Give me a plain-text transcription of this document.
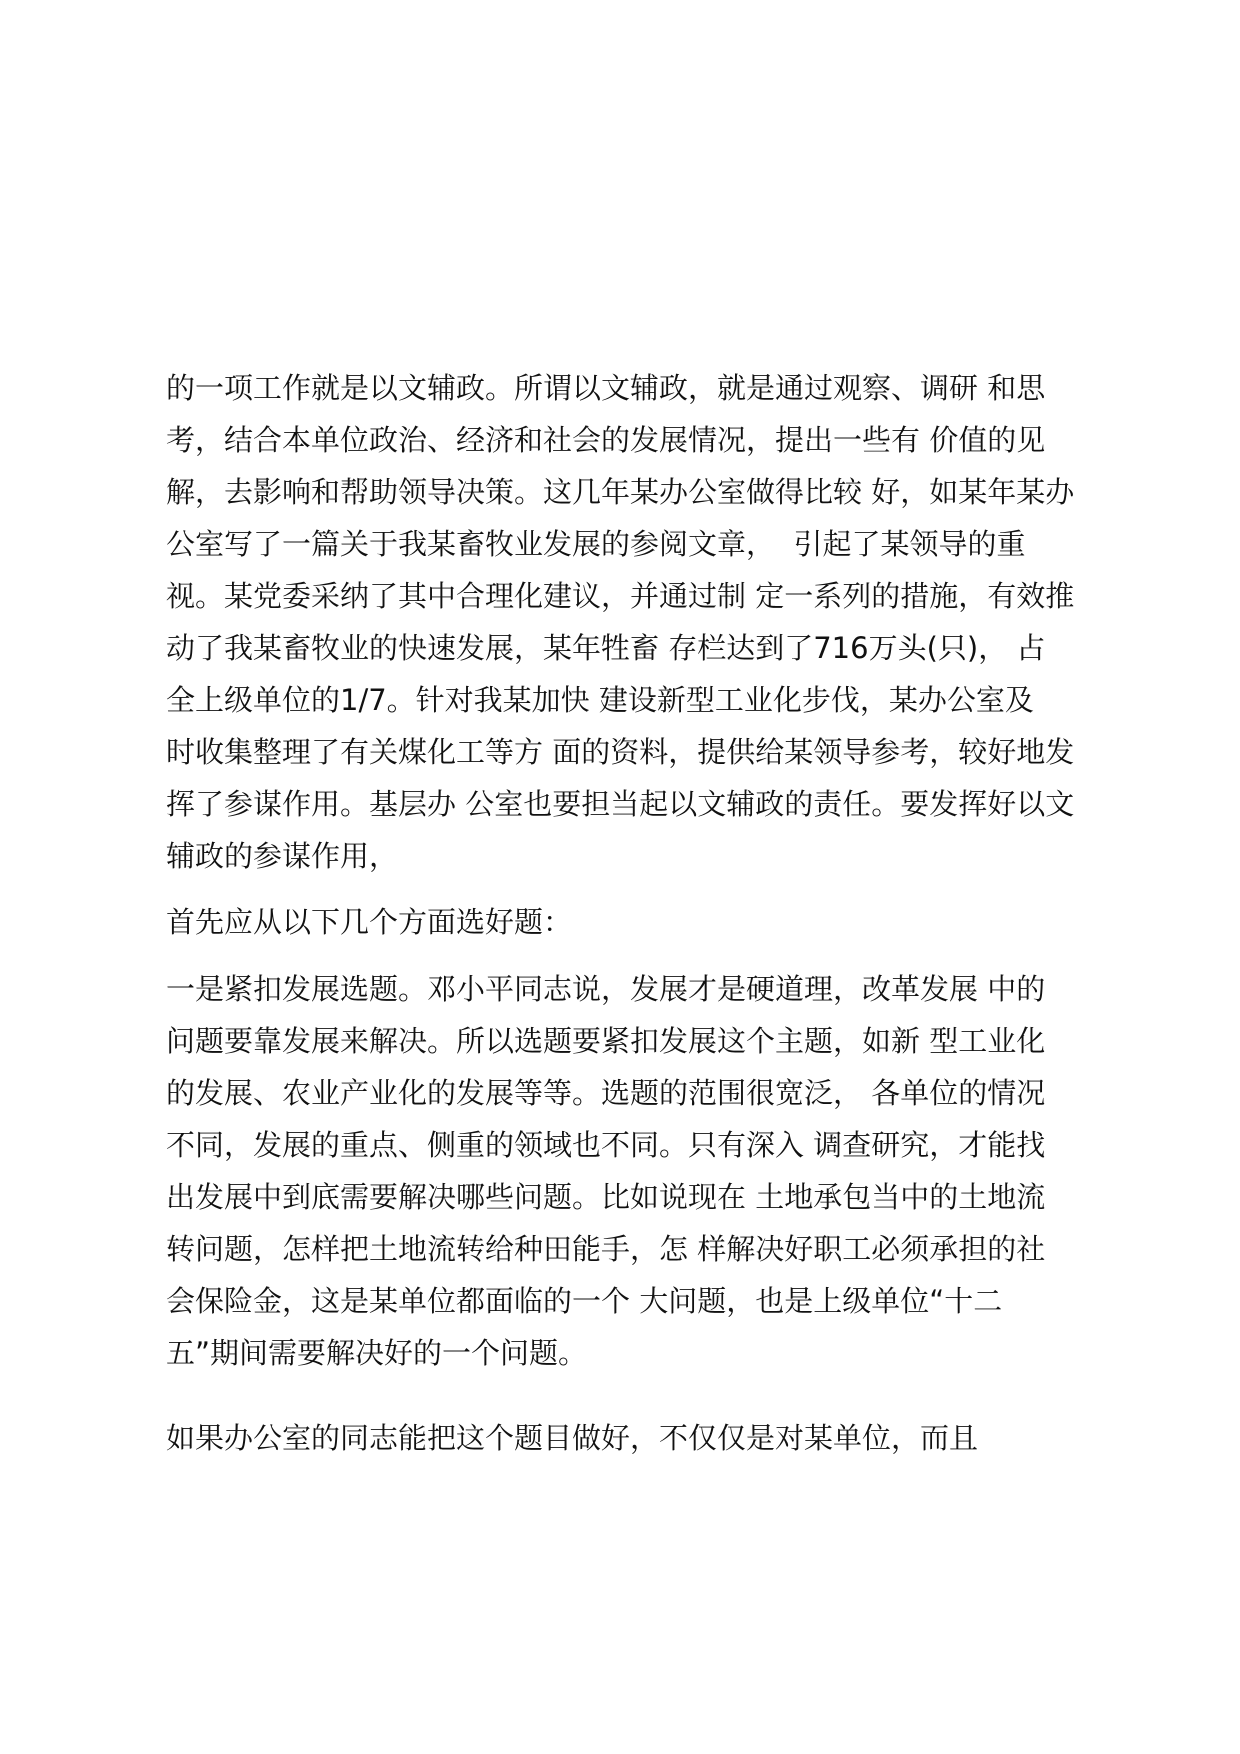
的一项工作就是以文辅政。所谓以文辅政，就是通过观察、调研 和思
考，结合本单位政治、经济和社会的发展情况，提出一些有 价值的见
解，去影响和帮助领导决策。这几年某办公室做得比较 好，如某年某办
公室写了一篇关于我某畜牧业发展的参阅文章，  引起了某领导的重
视。某党委采纳了其中合理化建议，并通过制 定一系列的措施，有效推
动了我某畜牧业的快速发展，某年牲畜 存栏达到了716万头(只)， 占
全上级单位的1/7。针对我某加快 建设新型工业化步伐，某办公室及
时收集整理了有关煤化工等方 面的资料，提供给某领导参考，较好地发
挥了参谋作用。基层办 公室也要担当起以文辅政的责任。要发挥好以文
辅政的参谋作用，
首先应从以下几个方面选好题：
一是紧扣发展选题。邓小平同志说，发展才是硬道理，改革发展 中的
问题要靠发展来解决。所以选题要紧扣发展这个主题，如新 型工业化
的发展、农业产业化的发展等等。选题的范围很宽泛， 各单位的情况
不同，发展的重点、侧重的领域也不同。只有深入 调查研究，才能找
出发展中到底需要解决哪些问题。比如说现在 土地承包当中的土地流
转问题，怎样把土地流转给种田能手，怎 样解决好职工必须承担的社
会保险金，这是某单位都面临的一个 大问题，也是上级单位“十二
五”期间需要解决好的一个问题。
如果办公室的同志能把这个题目做好，不仅仅是对某单位，而且
